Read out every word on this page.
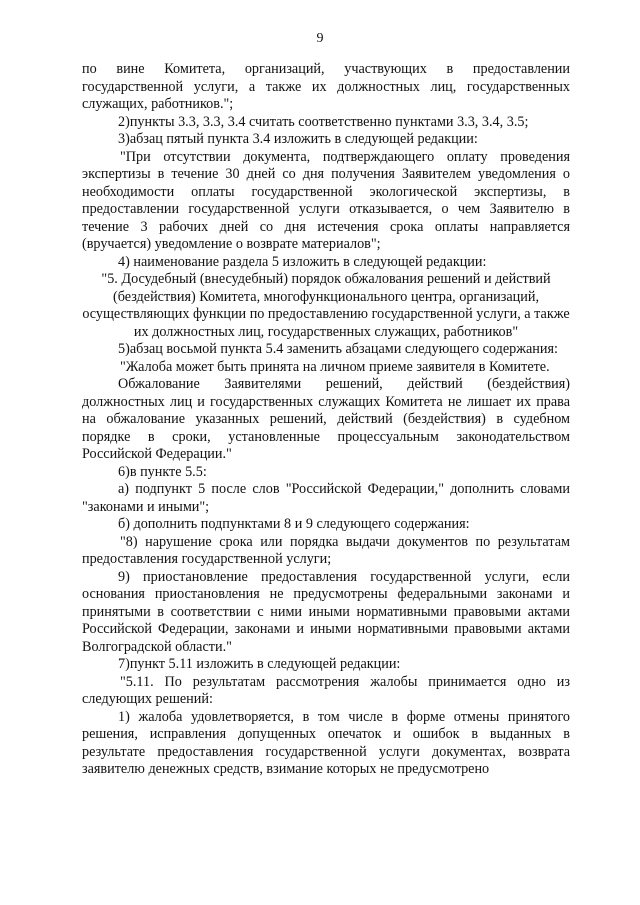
9

по вине Комитета, организаций, участвующих в предоставлении государственной услуги, а также их должностных лиц, государственных служащих, работников.";

2)пункты 3.3, 3.3, 3.4 считать соответственно пунктами 3.3, 3.4, 3.5;

3)абзац пятый пункта 3.4 изложить в следующей редакции:

"При отсутствии документа, подтверждающего оплату проведения экспертизы в течение 30 дней со дня получения Заявителем уведомления о необходимости оплаты государственной экологической экспертизы, в предоставлении государственной услуги отказывается, о чем Заявителю в течение 3 рабочих дней со дня истечения срока оплаты направляется (вручается) уведомление о возврате материалов";

4) наименование раздела 5 изложить в следующей редакции:

"5. Досудебный (внесудебный) порядок обжалования решений и действий (бездействия) Комитета, многофункционального центра, организаций, осуществляющих функции по предоставлению государственной услуги, а также их должностных лиц, государственных служащих, работников"

5)абзац восьмой пункта 5.4 заменить абзацами следующего содержания:

"Жалоба может быть принята на личном приеме заявителя в Комитете.

Обжалование Заявителями решений, действий (бездействия) должностных лиц и государственных служащих Комитета не лишает их права на обжалование указанных решений, действий (бездействия) в судебном порядке в сроки, установленные процессуальным законодательством Российской Федерации."

6)в пункте 5.5:

а) подпункт 5 после слов "Российской Федерации," дополнить словами "законами и иными";

б) дополнить подпунктами 8 и 9 следующего содержания:

"8) нарушение срока или порядка выдачи документов по результатам предоставления государственной услуги;

9) приостановление предоставления государственной услуги, если основания приостановления не предусмотрены федеральными законами и принятыми в соответствии с ними иными нормативными правовыми актами Российской Федерации, законами и иными нормативными правовыми актами Волгоградской области."

7)пункт 5.11 изложить в следующей редакции:

"5.11. По результатам рассмотрения жалобы принимается одно из следующих решений:

1) жалоба удовлетворяется, в том числе в форме отмены принятого решения, исправления допущенных опечаток и ошибок в выданных в результате предоставления государственной услуги документах, возврата заявителю денежных средств, взимание которых не предусмотрено
